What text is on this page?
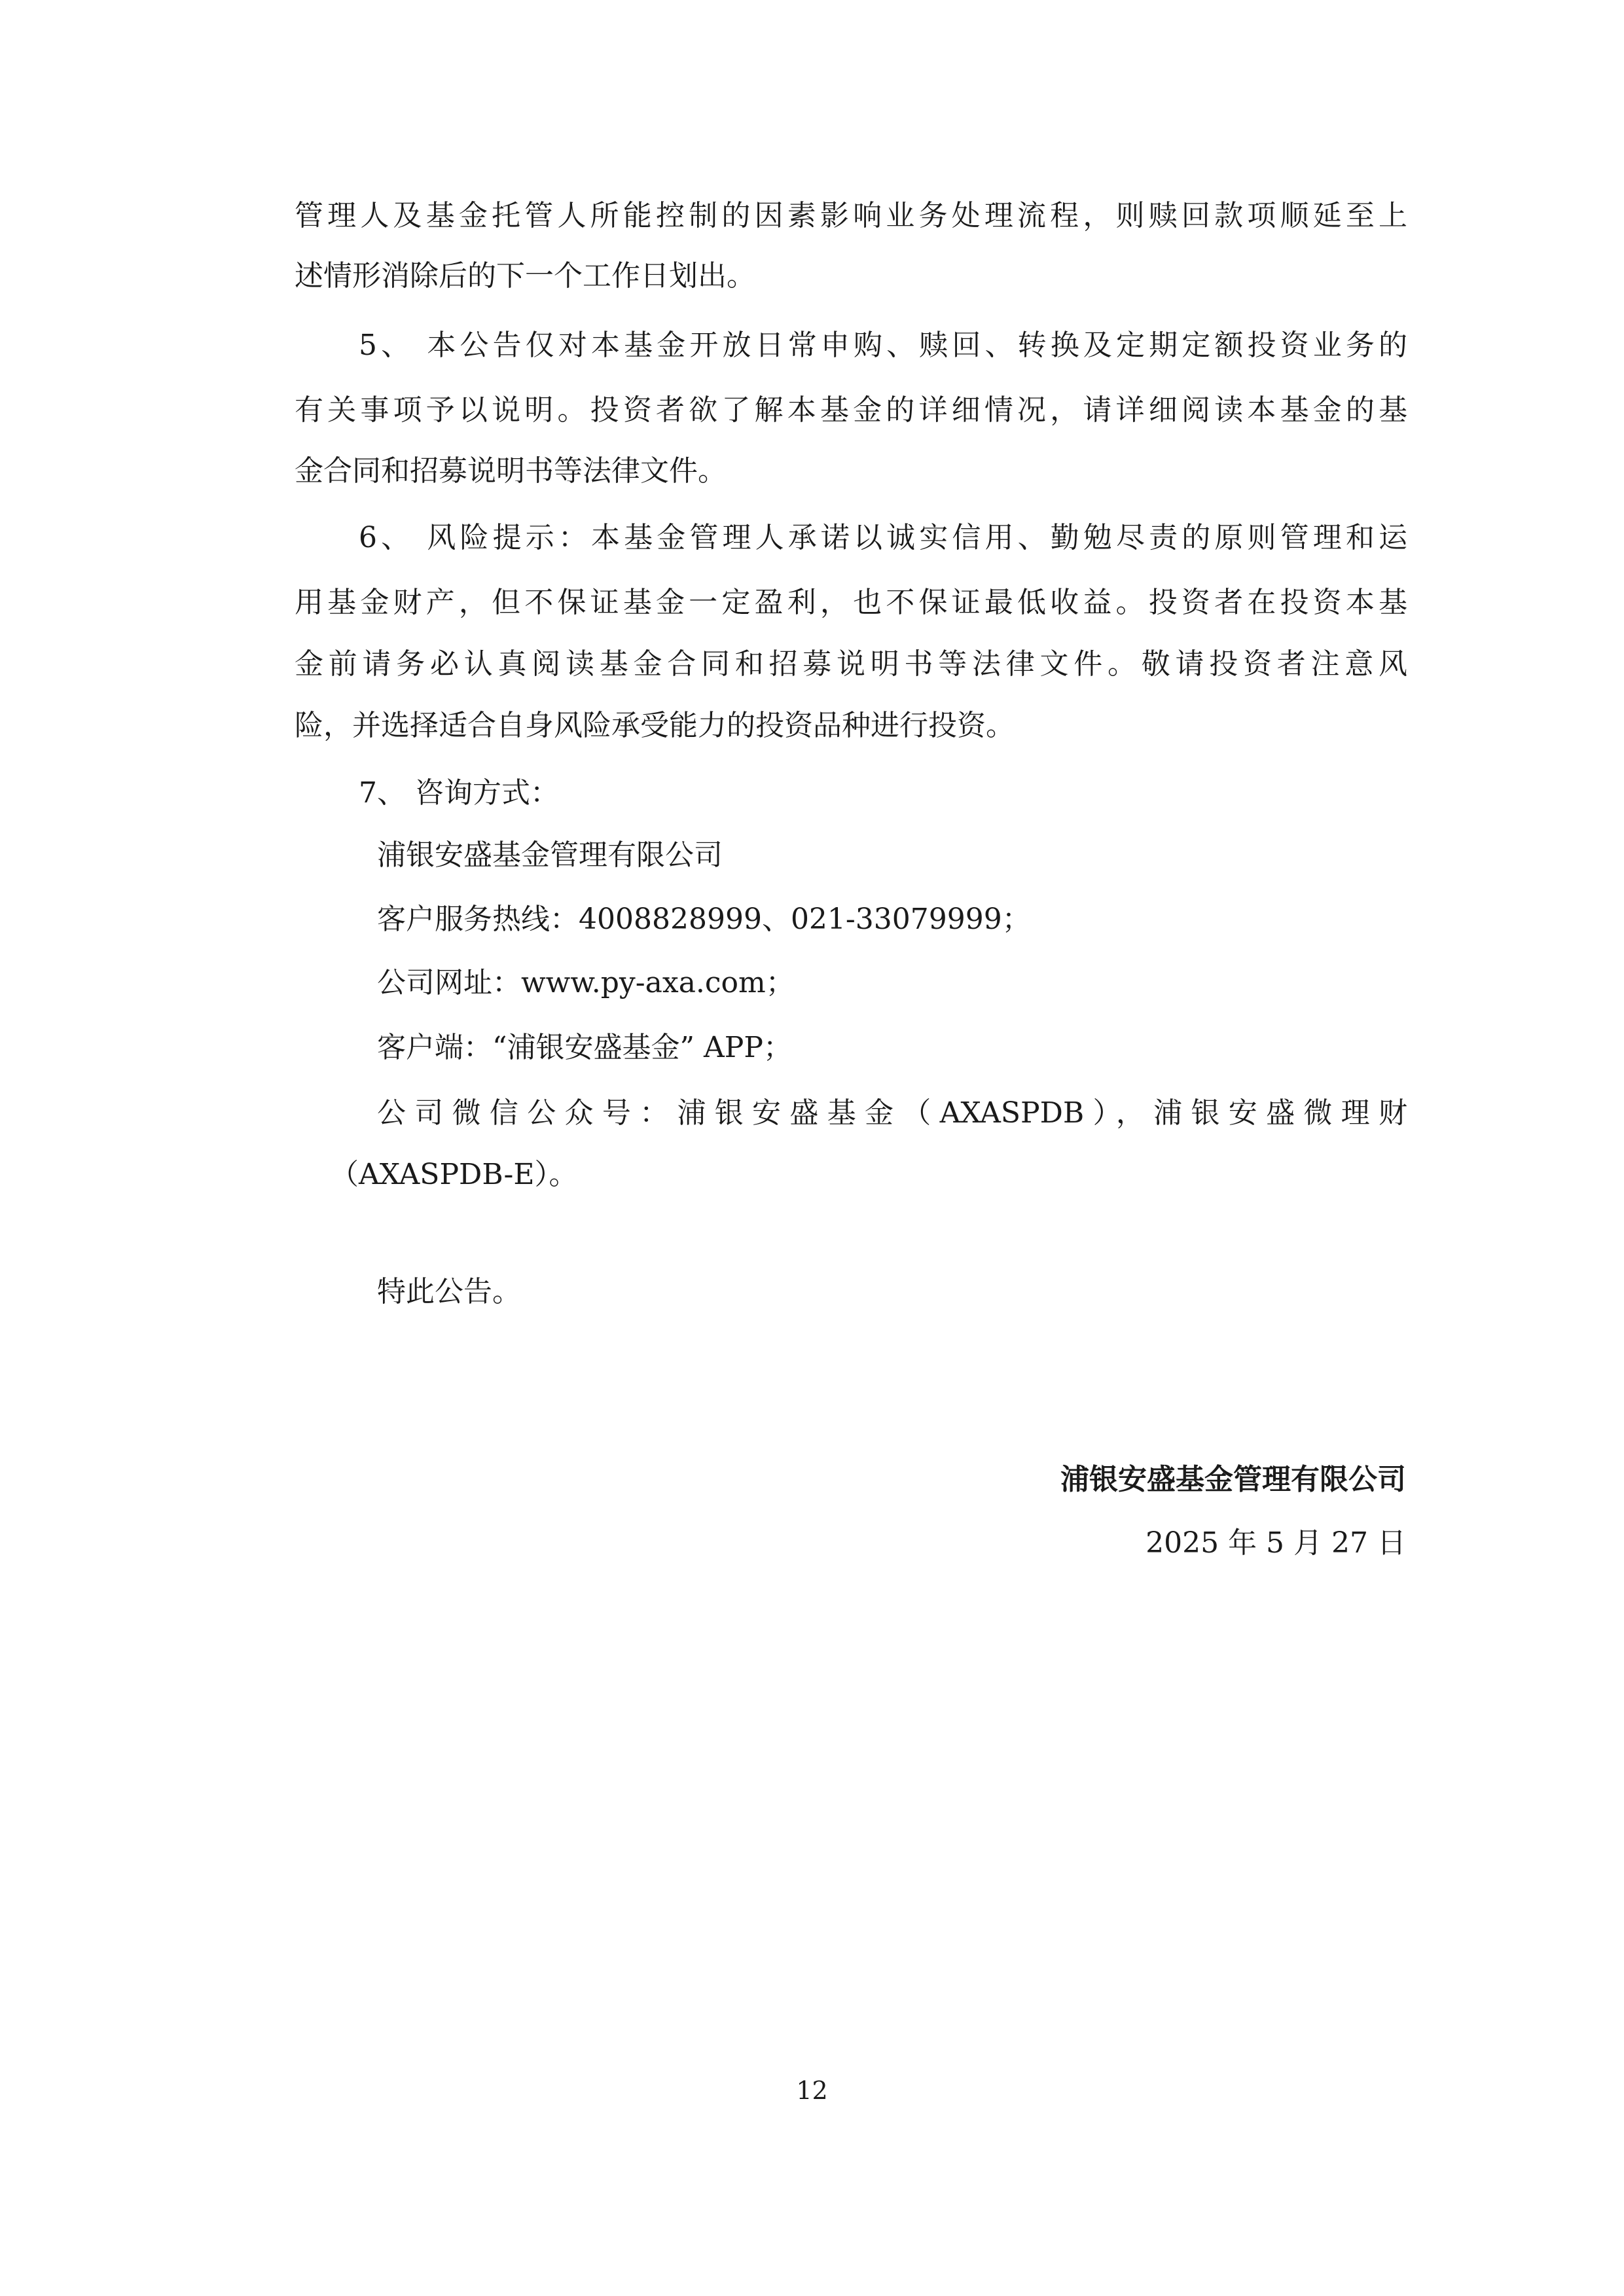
管理人及基金托管人所能控制的因素影响业务处理流程，则赎回款项顺延至上
述情形消除后的下一个工作日划出。
5、 本公告仅对本基金开放日常申购、赎回、转换及定期定额投资业务的
有关事项予以说明。投资者欲了解本基金的详细情况，请详细阅读本基金的基
金合同和招募说明书等法律文件。
6、 风险提示：本基金管理人承诺以诚实信用、勤勉尽责的原则管理和运
用基金财产，但不保证基金一定盈利，也不保证最低收益。投资者在投资本基
金前请务必认真阅读基金合同和招募说明书等法律文件。敬请投资者注意风
险，并选择适合自身风险承受能力的投资品种进行投资。
7、 咨询方式：
浦银安盛基金管理有限公司
客户服务热线：4008828999、021-33079999；
公司网址：www.py-axa.com；
客户端：“浦银安盛基金” APP；
公司微信公众号：浦银安盛基金（AXASPDB），浦银安盛微理财
（AXASPDB-E）。
特此公告。
浦银安盛基金管理有限公司
2025 年 5 月 27 日
12
